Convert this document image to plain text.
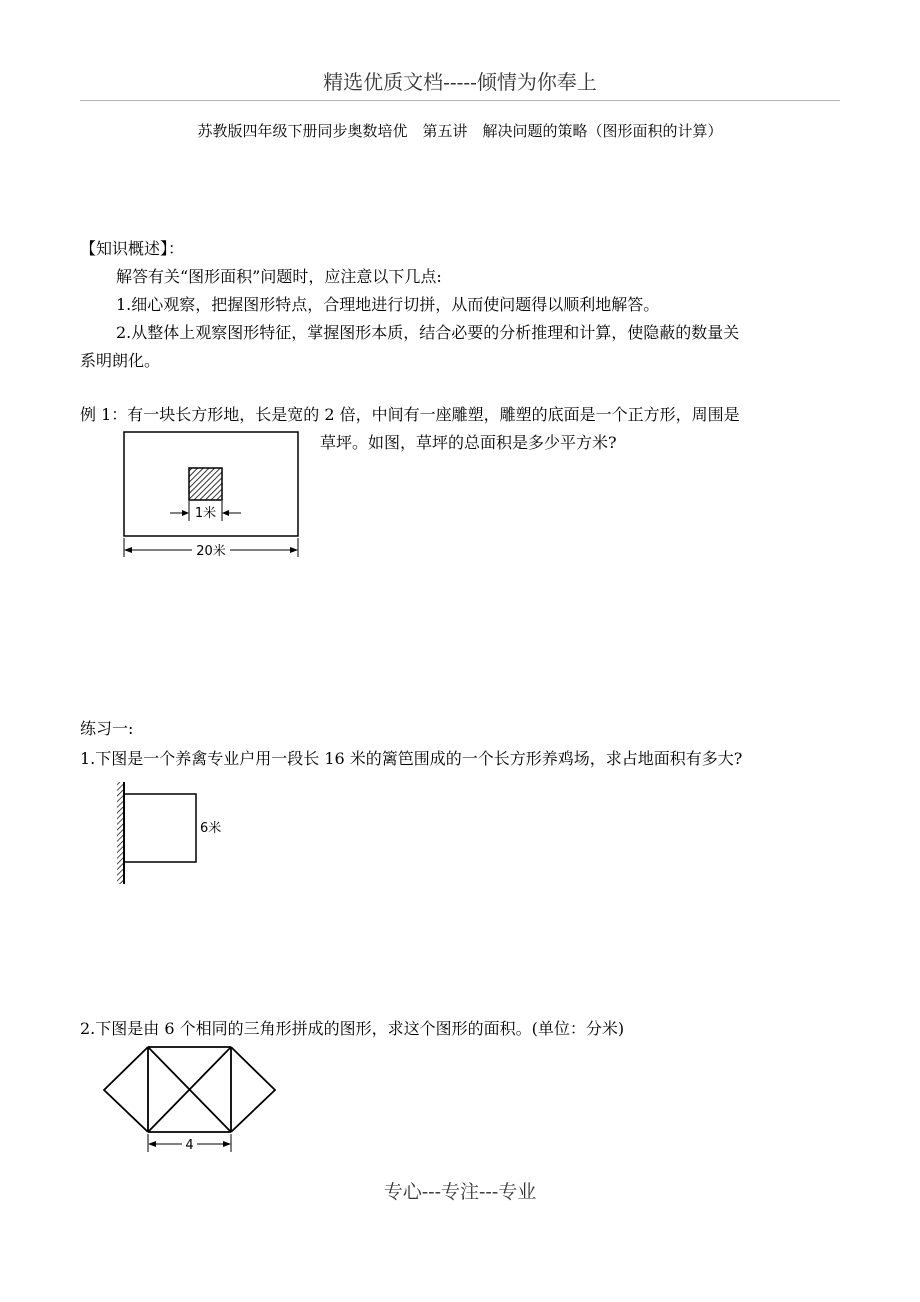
精选优质文档-----倾情为你奉上
苏教版四年级下册同步奥数培优　第五讲　解决问题的策略（图形面积的计算）
【知识概述】：
解答有关“图形面积”问题时，应注意以下几点:
1.细心观察，把握图形特点，合理地进行切拼，从而使问题得以顺利地解答。
2.从整体上观察图形特征，掌握图形本质，结合必要的分析推理和计算，使隐蔽的数量关
系明朗化。
例 1：有一块长方形地，长是宽的 2 倍，中间有一座雕塑，雕塑的底面是一个正方形，周围是
草坪。如图，草坪的总面积是多少平方米?
1米
20米
练习一:
1.下图是一个养禽专业户用一段长 16 米的篱笆围成的一个长方形养鸡场，求占地面积有多大?
6米
2.下图是由 6 个相同的三角形拼成的图形，求这个图形的面积。(单位：分米)
4
专心---专注---专业
